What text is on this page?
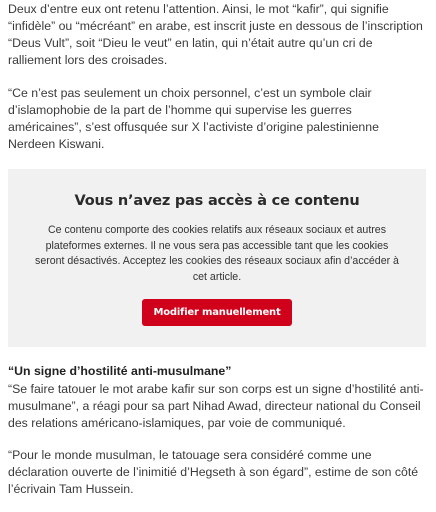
Deux d’entre eux ont retenu l’attention. Ainsi, le mot “kafir”, qui signifie “infidèle” ou “mécréant” en arabe, est inscrit juste en dessous de l’inscription “Deus Vult”, soit “Dieu le veut” en latin, qui n’était autre qu’un cri de ralliement lors des croisades.

“Ce n’est pas seulement un choix personnel, c’est un symbole clair d’islamophobie de la part de l’homme qui supervise les guerres américaines”, s’est offusquée sur X l’activiste d’origine palestinienne Nerdeen Kiswani.

Vous n’avez pas accès à ce contenu
Ce contenu comporte des cookies relatifs aux réseaux sociaux et autres plateformes externes. Il ne vous sera pas accessible tant que les cookies seront désactivés. Acceptez les cookies des réseaux sociaux afin d’accéder à cet article.
Modifier manuellement
“Un signe d’hostilité anti-musulmane”

“Se faire tatouer le mot arabe kafir sur son corps est un signe d’hostilité anti-musulmane”, a réagi pour sa part Nihad Awad, directeur national du Conseil des relations américano-islamiques, par voie de communiqué.

“Pour le monde musulman, le tatouage sera considéré comme une déclaration ouverte de l’inimitié d’Hegseth à son égard”, estime de son côté l’écrivain Tam Hussein.
